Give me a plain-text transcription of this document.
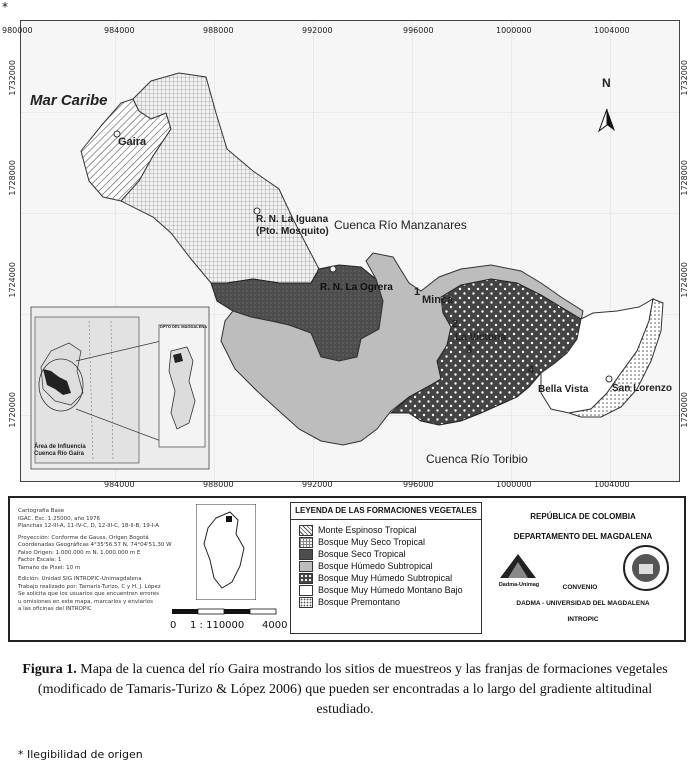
*
980000	984000	988000	992000	996000	1000000	1004000
984000	988000	992000	996000	1000000	1004000
1732000
1728000
1724000
1720000
1732000
1728000
1724000
1720000
Mar Caribe
Gaira
R. N. La Iguana
(Pto. Mosquito) Cuenca Río Manzanares
R. N. La Ogrera
Minca
La Victoria
Bella Vista San Lorenzo
Cuenca Río Toribio
1
2
3
4
N
Área de Influencia
Cuenca Río Gaira
DPTO DEL MAGDALENA
Cartografía Base
IGAC. Esc. 1:25000, año 1976
Planchas 12-III-A, 11-IV-C, D, 12-III-C, 18-II-B, 19-I-A
Proyección: Conforme de Gauss, Origen Bogotá
Coordenadas Geográficas 4°35'56.57 N, 74°04'51.30 W
Falso Origen: 1.000.000 m N, 1.000.000 m E
Factor Escala: 1
Tamaño de Pixel: 10 m
Edición: Unidad SIG INTROPIC-Unimagdalena
Trabajo realizado por: Tamaris-Turizo, C y H. J. López
Se solicita que los usuarios que encuentren errores
u omisiones en este mapa, marcarlos y enviarlos
a las oficinas del INTROPIC
0 1 : 110000 4000
LEYENDA DE LAS FORMACIONES VEGETALES
Monte Espinoso Tropical
Bosque Muy Seco Tropical
Bosque Seco Tropical
Bosque Húmedo Subtropical
Bosque Muy Húmedo Subtropical
Bosque Muy Húmedo Montano Bajo
Bosque Premontano
REPÚBLICA DE COLOMBIA
DEPARTAMENTO DEL MAGDALENA
Dadma-Unimag	CONVENIO
DADMA - UNIVERSIDAD DEL MAGDALENA
INTROPIC
Figura 1. Mapa de la cuenca del río Gaira mostrando los sitios de muestreos y las franjas de formaciones vegetales (modificado de Tamaris-Turizo & López 2006) que pueden ser encontradas a lo largo del gradiente altitudinal estudiado.
* Ilegibilidad de origen
